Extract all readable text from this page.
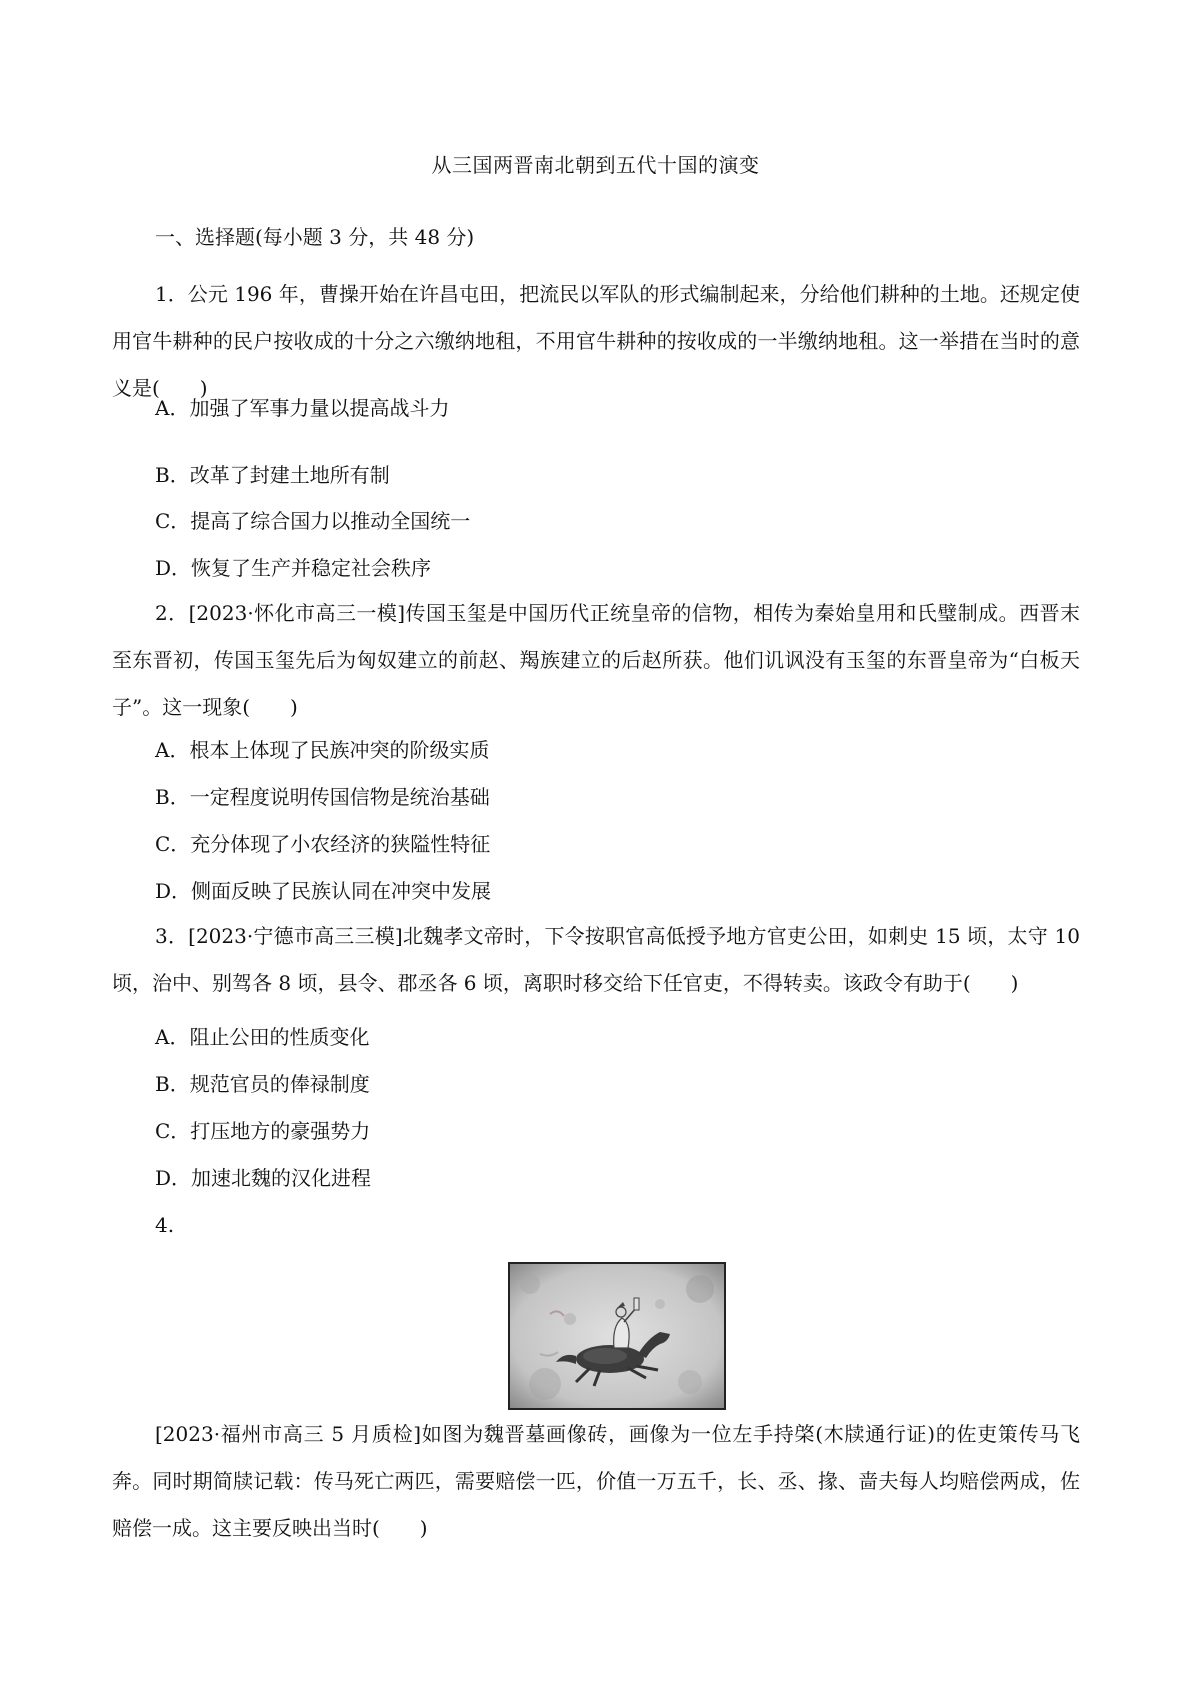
从三国两晋南北朝到五代十国的演变
一、选择题(每小题 3 分，共 48 分)
1．公元 196 年，曹操开始在许昌屯田，把流民以军队的形式编制起来，分给他们耕种的土地。还规定使用官牛耕种的民户按收成的十分之六缴纳地租，不用官牛耕种的按收成的一半缴纳地租。这一举措在当时的意义是(　　)
A．加强了军事力量以提高战斗力
B．改革了封建土地所有制
C．提高了综合国力以推动全国统一
D．恢复了生产并稳定社会秩序
2．[2023·怀化市高三一模]传国玉玺是中国历代正统皇帝的信物，相传为秦始皇用和氏璧制成。西晋末至东晋初，传国玉玺先后为匈奴建立的前赵、羯族建立的后赵所获。他们讥讽没有玉玺的东晋皇帝为“白板天子”。这一现象(　　)
A．根本上体现了民族冲突的阶级实质
B．一定程度说明传国信物是统治基础
C．充分体现了小农经济的狭隘性特征
D．侧面反映了民族认同在冲突中发展
3．[2023·宁德市高三三模]北魏孝文帝时，下令按职官高低授予地方官吏公田，如刺史 15 顷，太守 10 顷，治中、别驾各 8 顷，县令、郡丞各 6 顷，离职时移交给下任官吏，不得转卖。该政令有助于(　　)
A．阻止公田的性质变化
B．规范官员的俸禄制度
C．打压地方的豪强势力
D．加速北魏的汉化进程
4.
[2023·福州市高三 5 月质检]如图为魏晋墓画像砖，画像为一位左手持棨(木牍通行证)的佐吏策传马飞奔。同时期简牍记载：传马死亡两匹，需要赔偿一匹，价值一万五千，长、丞、掾、啬夫每人均赔偿两成，佐赔偿一成。这主要反映出当时(　　)
